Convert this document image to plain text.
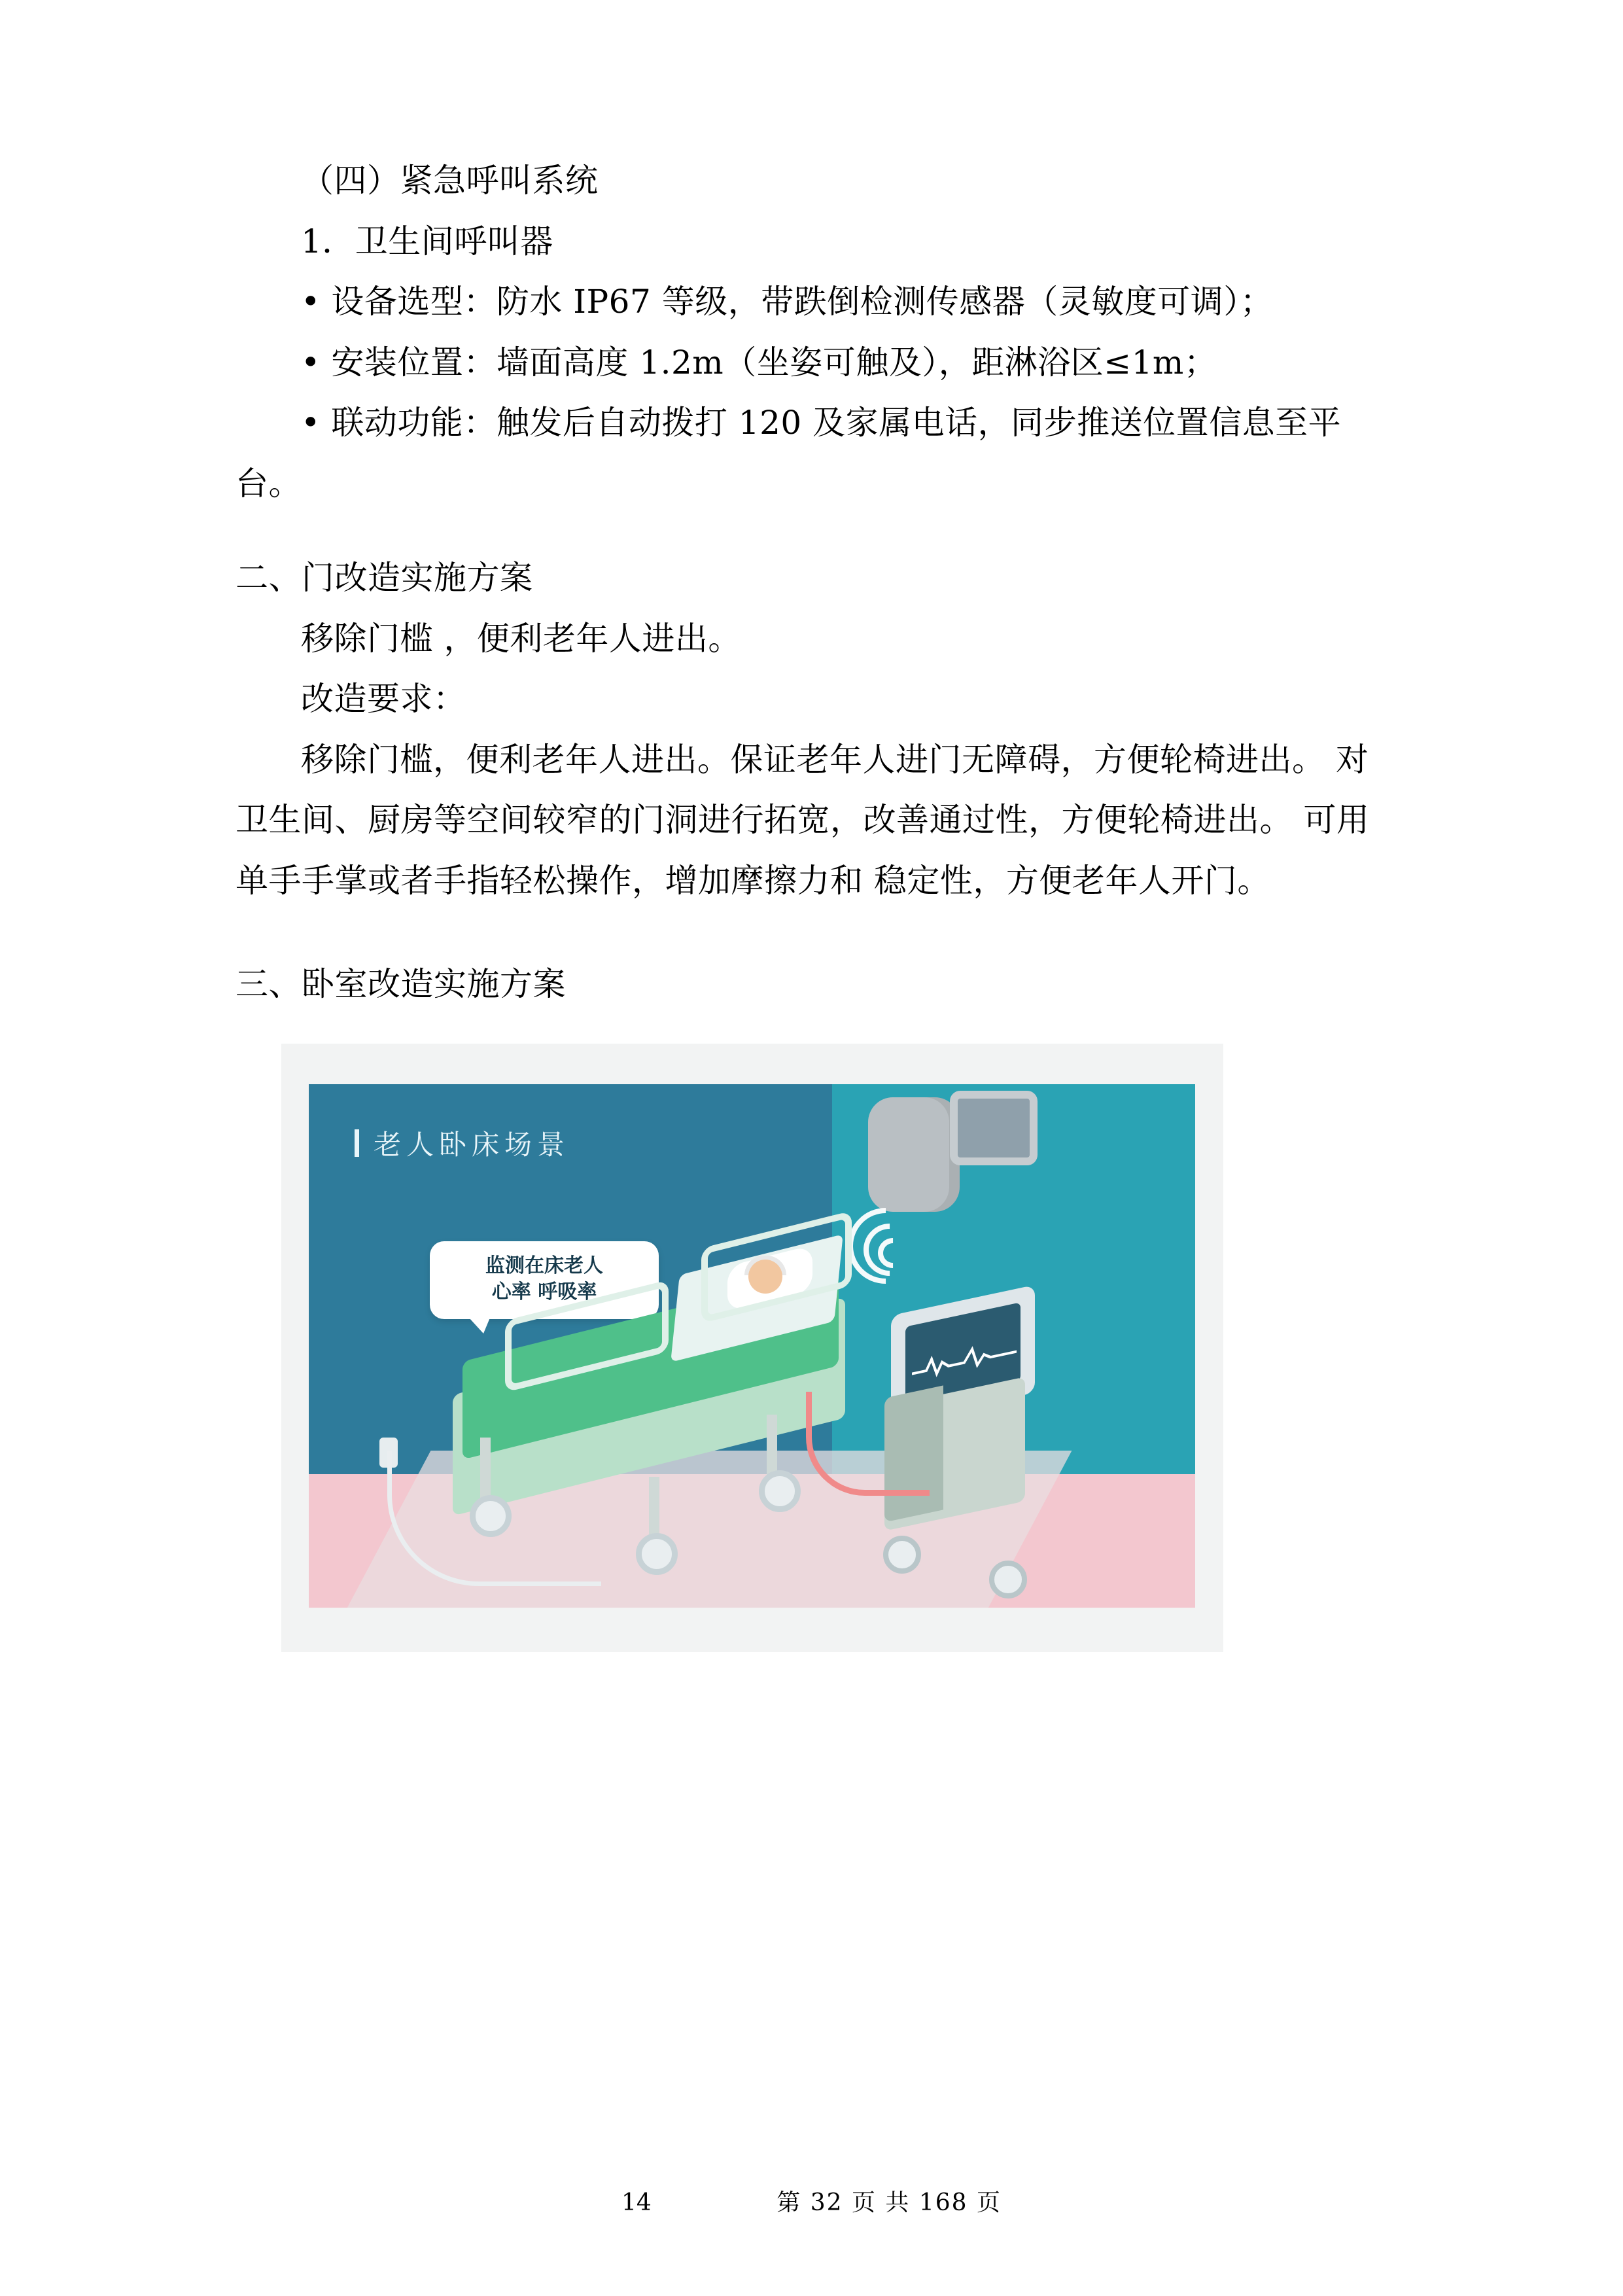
（四）紧急呼叫系统

1．卫生间呼叫器

• 设备选型：防水 IP67 等级，带跌倒检测传感器（灵敏度可调）；

• 安装位置：墙面高度 1.2m（坐姿可触及），距淋浴区≤1m；

• 联动功能：触发后自动拨打 120 及家属电话，同步推送位置信息至平 台。

二、门改造实施方案

移除门槛 ，便利老年人进出。

改造要求：

移除门槛，便利老年人进出。保证老年人进门无障碍，方便轮椅进出。 对卫生间、厨房等空间较窄的门洞进行拓宽，改善通过性，方便轮椅进出。 可用单手手掌或者手指轻松操作，增加摩擦力和 稳定性，方便老年人开门。

三、卧室改造实施方案

老人卧床场景
监测在床老人
心率 呼吸率
14	第 32 页 共 168 页
